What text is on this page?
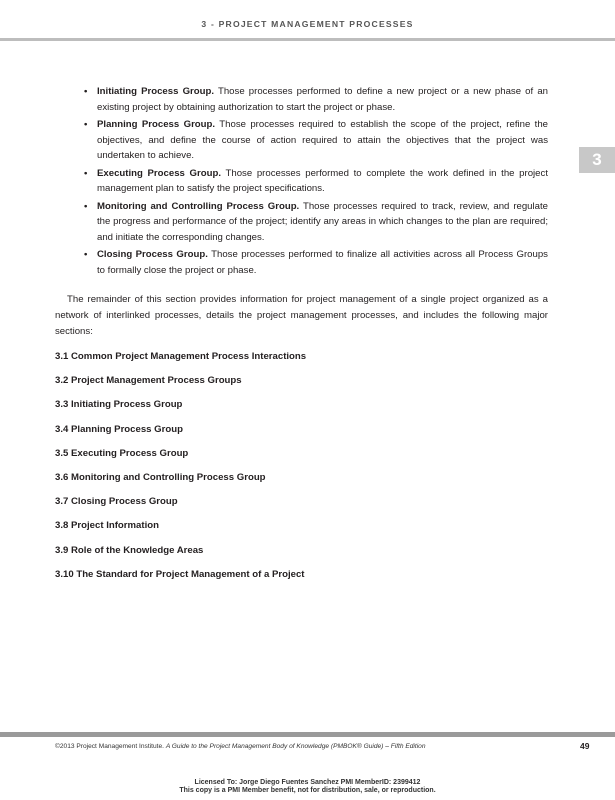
3 - PROJECT MANAGEMENT PROCESSES
3
• Initiating Process Group. Those processes performed to define a new project or a new phase of an existing project by obtaining authorization to start the project or phase.
• Planning Process Group. Those processes required to establish the scope of the project, refine the objectives, and define the course of action required to attain the objectives that the project was undertaken to achieve.
• Executing Process Group. Those processes performed to complete the work defined in the project management plan to satisfy the project specifications.
• Monitoring and Controlling Process Group. Those processes required to track, review, and regulate the progress and performance of the project; identify any areas in which changes to the plan are required; and initiate the corresponding changes.
• Closing Process Group. Those processes performed to finalize all activities across all Process Groups to formally close the project or phase.

The remainder of this section provides information for project management of a single project organized as a network of interlinked processes, details the project management processes, and includes the following major sections:

3.1 Common Project Management Process Interactions
3.2 Project Management Process Groups
3.3 Initiating Process Group
3.4 Planning Process Group
3.5 Executing Process Group
3.6 Monitoring and Controlling Process Group
3.7 Closing Process Group
3.8 Project Information
3.9 Role of the Knowledge Areas
3.10 The Standard for Project Management of a Project
©2013 Project Management Institute. A Guide to the Project Management Body of Knowledge (PMBOK® Guide) – Fifth Edition	49
Licensed To: Jorge Diego Fuentes Sanchez PMI MemberID: 2399412
This copy is a PMI Member benefit, not for distribution, sale, or reproduction.
